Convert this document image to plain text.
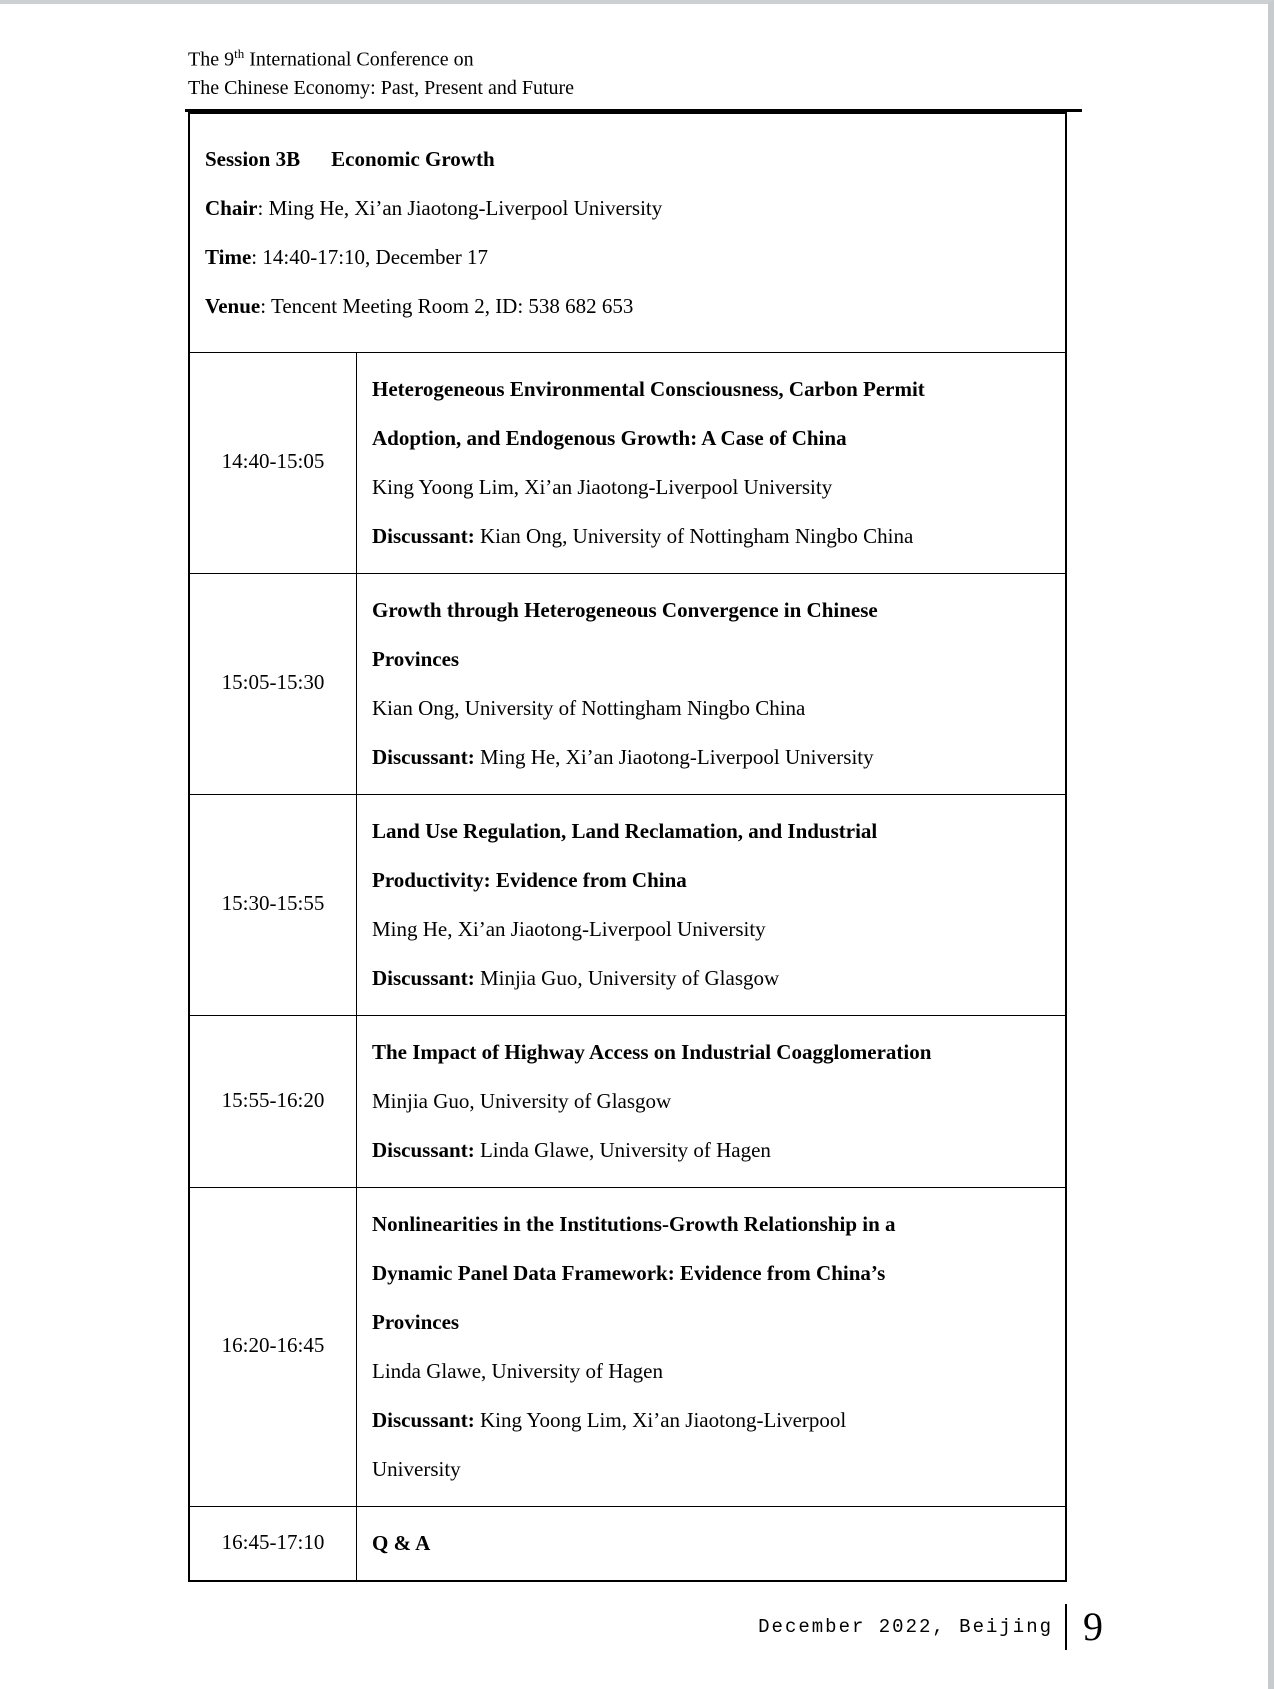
The 9th International Conference on
The Chinese Economy: Past, Present and Future
Session 3B Economic Growth
Chair: Ming He, Xi’an Jiaotong-Liverpool University
Time: 14:40-17:10, December 17
Venue: Tencent Meeting Room 2, ID: 538 682 653
14:40-15:05
Heterogeneous Environmental Consciousness, Carbon Permit
Adoption, and Endogenous Growth: A Case of China
King Yoong Lim, Xi’an Jiaotong-Liverpool University
Discussant: Kian Ong, University of Nottingham Ningbo China
15:05-15:30
Growth through Heterogeneous Convergence in Chinese
Provinces
Kian Ong, University of Nottingham Ningbo China
Discussant: Ming He, Xi’an Jiaotong-Liverpool University
15:30-15:55
Land Use Regulation, Land Reclamation, and Industrial
Productivity: Evidence from China
Ming He, Xi’an Jiaotong-Liverpool University
Discussant: Minjia Guo, University of Glasgow
15:55-16:20
The Impact of Highway Access on Industrial Coagglomeration
Minjia Guo, University of Glasgow
Discussant: Linda Glawe, University of Hagen
16:20-16:45
Nonlinearities in the Institutions-Growth Relationship in a
Dynamic Panel Data Framework: Evidence from China’s
Provinces
Linda Glawe, University of Hagen
Discussant: King Yoong Lim, Xi’an Jiaotong-Liverpool
University
16:45-17:10	Q & A
December 2022, Beijing 9
